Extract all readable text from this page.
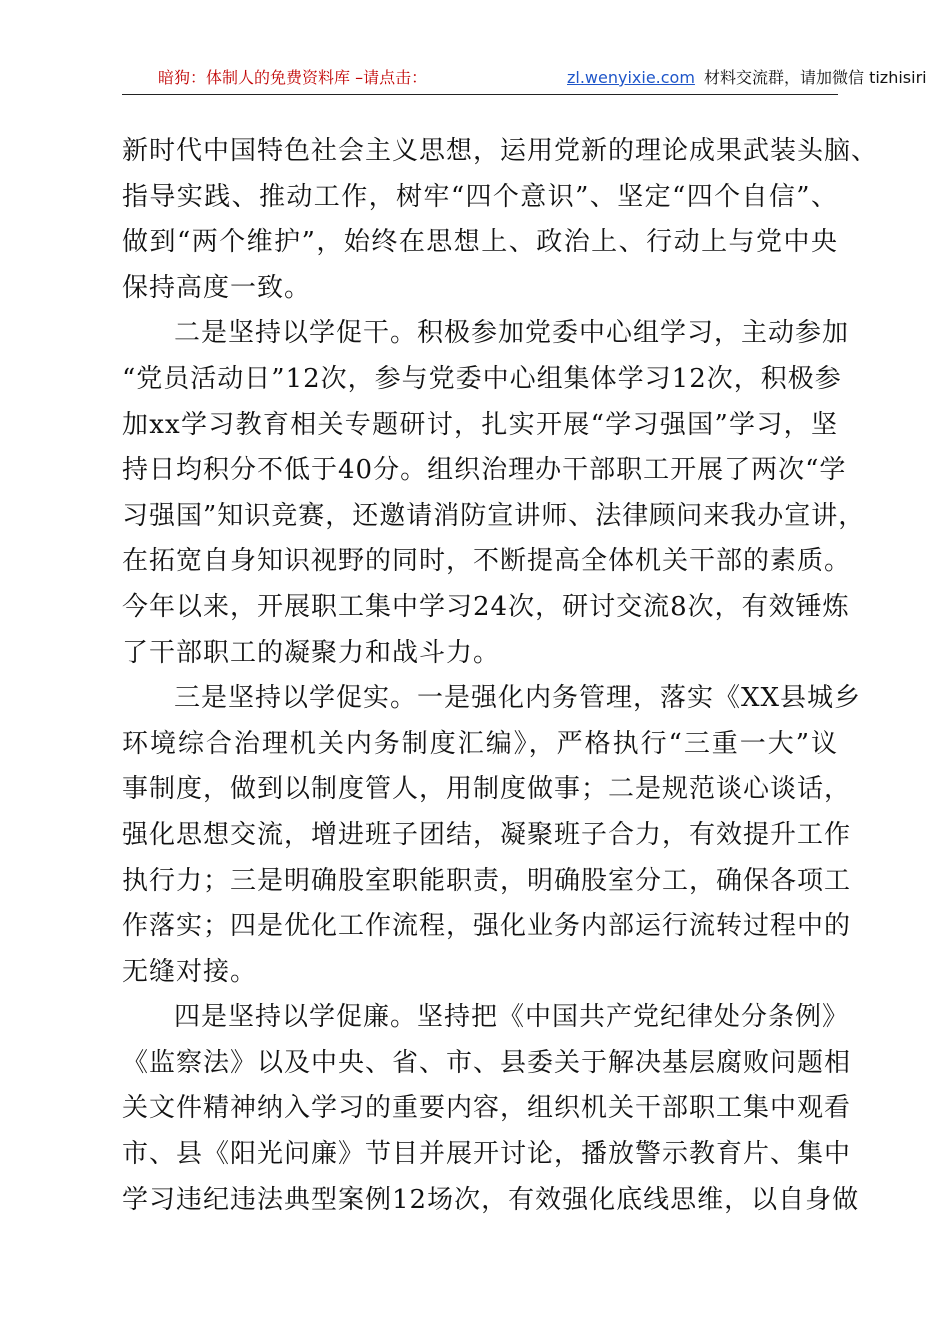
暗狗：体制人的免费资料库 –请点击：	zl.wenyixie.com 材料交流群，请加微信 tizhisiri
新时代中国特色社会主义思想，运用党新的理论成果武装头脑、
指导实践、推动工作，树牢“四个意识”、坚定“四个自信”、
做到“两个维护”，始终在思想上、政治上、行动上与党中央
保持高度一致。
二是坚持以学促干。积极参加党委中心组学习，主动参加
“党员活动日”12次，参与党委中心组集体学习12次，积极参
加xx学习教育相关专题研讨，扎实开展“学习强国”学习，坚
持日均积分不低于40分。组织治理办干部职工开展了两次“学
习强国”知识竞赛，还邀请消防宣讲师、法律顾问来我办宣讲，
在拓宽自身知识视野的同时，不断提高全体机关干部的素质。
今年以来，开展职工集中学习24次，研讨交流8次，有效锤炼
了干部职工的凝聚力和战斗力。
三是坚持以学促实。一是强化内务管理，落实《XX县城乡
环境综合治理机关内务制度汇编》，严格执行“三重一大”议
事制度，做到以制度管人，用制度做事；二是规范谈心谈话，
强化思想交流，增进班子团结，凝聚班子合力，有效提升工作
执行力；三是明确股室职能职责，明确股室分工，确保各项工
作落实；四是优化工作流程，强化业务内部运行流转过程中的
无缝对接。
四是坚持以学促廉。坚持把《中国共产党纪律处分条例》
《监察法》以及中央、省、市、县委关于解决基层腐败问题相
关文件精神纳入学习的重要内容，组织机关干部职工集中观看
市、县《阳光问廉》节目并展开讨论，播放警示教育片、集中
学习违纪违法典型案例12场次，有效强化底线思维，以自身做
